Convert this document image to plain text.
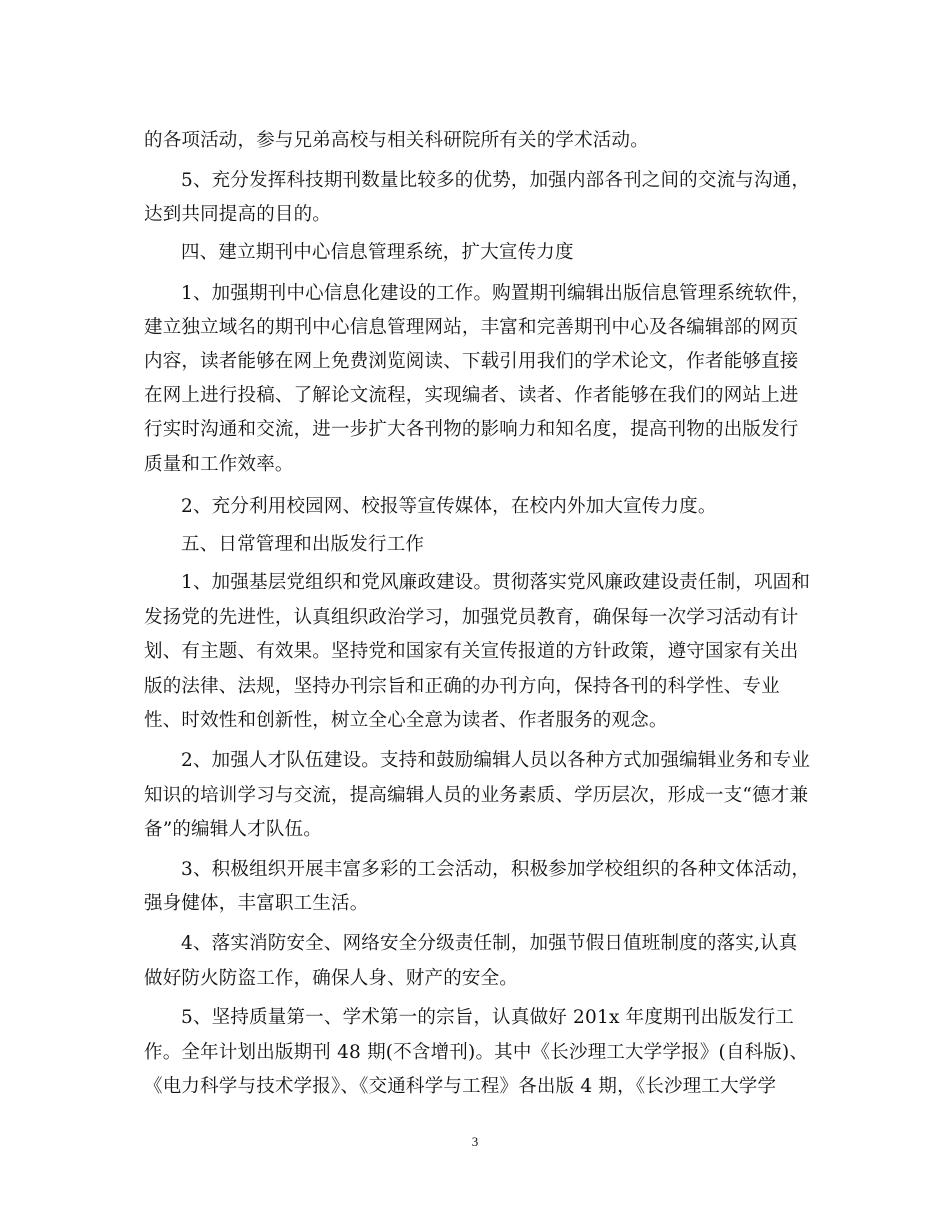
的各项活动，参与兄弟高校与相关科研院所有关的学术活动。
5、充分发挥科技期刊数量比较多的优势，加强内部各刊之间的交流与沟通，
达到共同提高的目的。
四、建立期刊中心信息管理系统，扩大宣传力度
1、加强期刊中心信息化建设的工作。购置期刊编辑出版信息管理系统软件，
建立独立域名的期刊中心信息管理网站，丰富和完善期刊中心及各编辑部的网页
内容，读者能够在网上免费浏览阅读、下载引用我们的学术论文，作者能够直接
在网上进行投稿、了解论文流程，实现编者、读者、作者能够在我们的网站上进
行实时沟通和交流，进一步扩大各刊物的影响力和知名度，提高刊物的出版发行
质量和工作效率。
2、充分利用校园网、校报等宣传媒体，在校内外加大宣传力度。
五、日常管理和出版发行工作
1、加强基层党组织和党风廉政建设。贯彻落实党风廉政建设责任制，巩固和
发扬党的先进性，认真组织政治学习，加强党员教育，确保每一次学习活动有计
划、有主题、有效果。坚持党和国家有关宣传报道的方针政策，遵守国家有关出
版的法律、法规，坚持办刊宗旨和正确的办刊方向，保持各刊的科学性、专业
性、时效性和创新性，树立全心全意为读者、作者服务的观念。
2、加强人才队伍建设。支持和鼓励编辑人员以各种方式加强编辑业务和专业
知识的培训学习与交流，提高编辑人员的业务素质、学历层次，形成一支“德才兼
备”的编辑人才队伍。
3、积极组织开展丰富多彩的工会活动，积极参加学校组织的各种文体活动，
强身健体，丰富职工生活。
4、落实消防安全、网络安全分级责任制，加强节假日值班制度的落实,认真
做好防火防盗工作，确保人身、财产的安全。
5、坚持质量第一、学术第一的宗旨，认真做好 201x 年度期刊出版发行工
作。全年计划出版期刊 48 期(不含增刊)。其中《长沙理工大学学报》(自科版)、
《电力科学与技术学报》、《交通科学与工程》各出版 4 期，《长沙理工大学学
3
